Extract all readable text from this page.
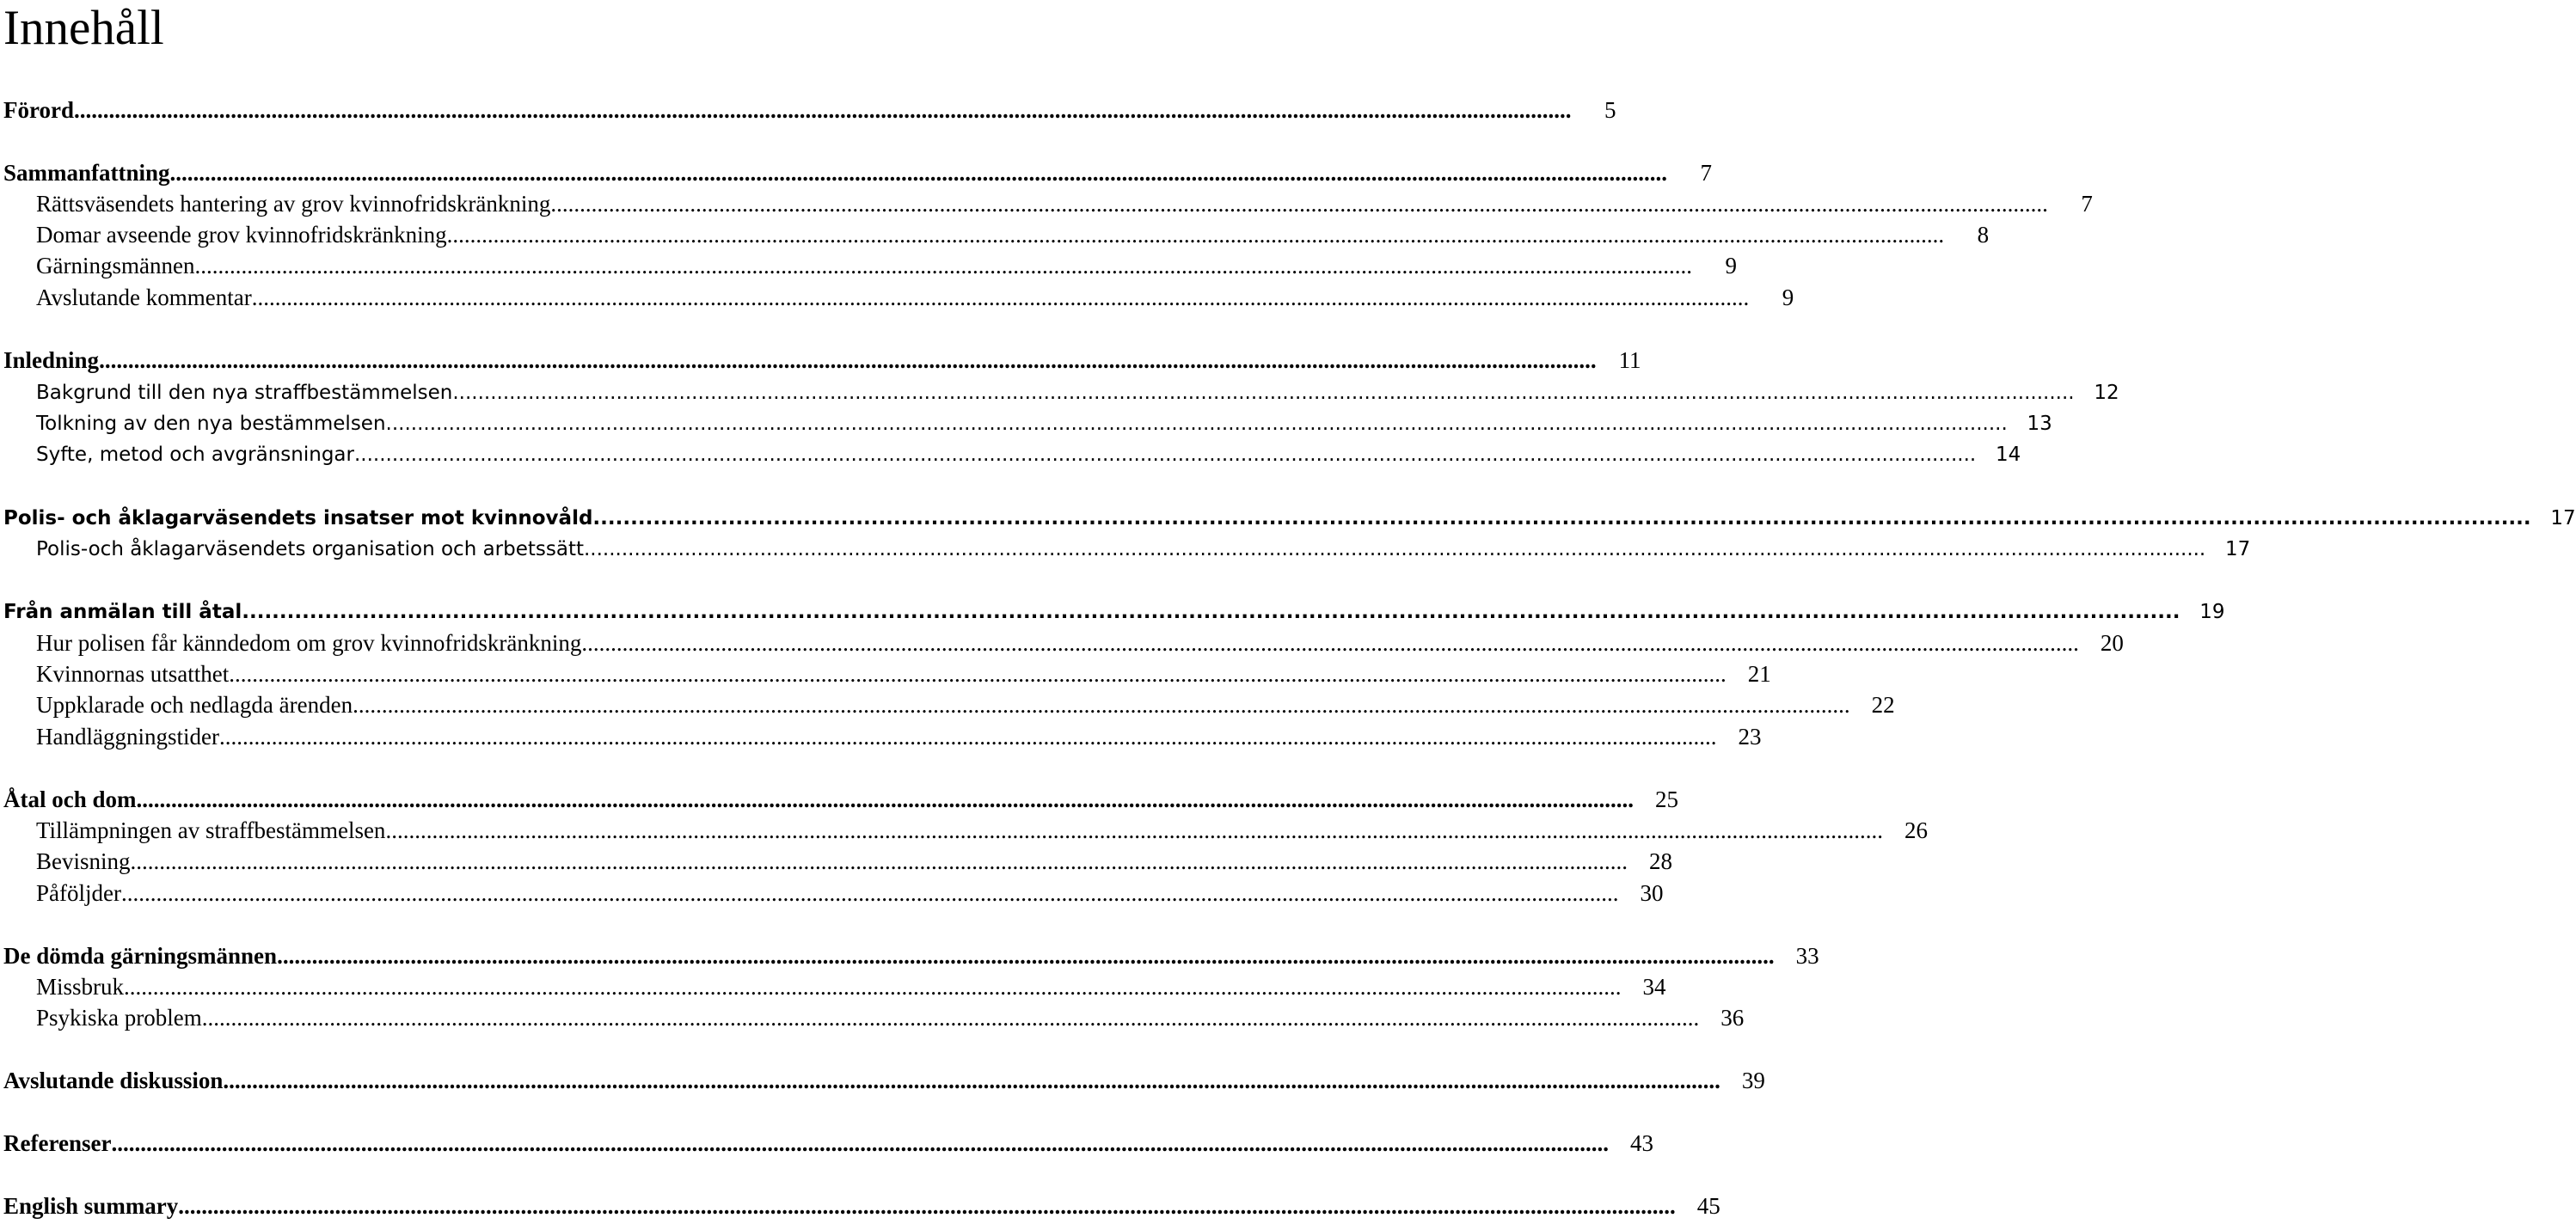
Innehåll
Förord ..................................................................................................................................................................................................................................................................	5
Sammanfattning ..................................................................................................................................................................................................................................................................	7
Rättsväsendets hantering av grov kvinnofridskränkning ..................................................................................................................................................................................................................................................................	7
Domar avseende grov kvinnofridskränkning ..................................................................................................................................................................................................................................................................	8
Gärningsmännen ..................................................................................................................................................................................................................................................................	9
Avslutande kommentar ..................................................................................................................................................................................................................................................................	9
Inledning .................................................................................................................................................................................................................................................................. 11
Bakgrund till den nya straffbestämmelsen .................................................................................................................................................................................................................................................................. 12
Tolkning av den nya bestämmelsen .................................................................................................................................................................................................................................................................. 13
Syfte, metod och avgränsningar .................................................................................................................................................................................................................................................................. 14
Polis- och åklagarväsendets insatser mot kvinnovåld .................................................................................................................................................................................................................................................................. 17
Polis-och åklagarväsendets organisation och arbetssätt .................................................................................................................................................................................................................................................................. 17
Från anmälan till åtal .................................................................................................................................................................................................................................................................. 19
Hur polisen får känndedom om grov kvinnofridskränkning .................................................................................................................................................................................................................................................................. 20
Kvinnornas utsatthet .................................................................................................................................................................................................................................................................. 21
Uppklarade och nedlagda ärenden .................................................................................................................................................................................................................................................................. 22
Handläggningstider .................................................................................................................................................................................................................................................................. 23
Åtal och dom .................................................................................................................................................................................................................................................................. 25
Tillämpningen av straffbestämmelsen .................................................................................................................................................................................................................................................................. 26
Bevisning .................................................................................................................................................................................................................................................................. 28
Påföljder .................................................................................................................................................................................................................................................................. 30
De dömda gärningsmännen .................................................................................................................................................................................................................................................................. 33
Missbruk .................................................................................................................................................................................................................................................................. 34
Psykiska problem .................................................................................................................................................................................................................................................................. 36
Avslutande diskussion .................................................................................................................................................................................................................................................................. 39
Referenser .................................................................................................................................................................................................................................................................. 43
English summary .................................................................................................................................................................................................................................................................. 45
